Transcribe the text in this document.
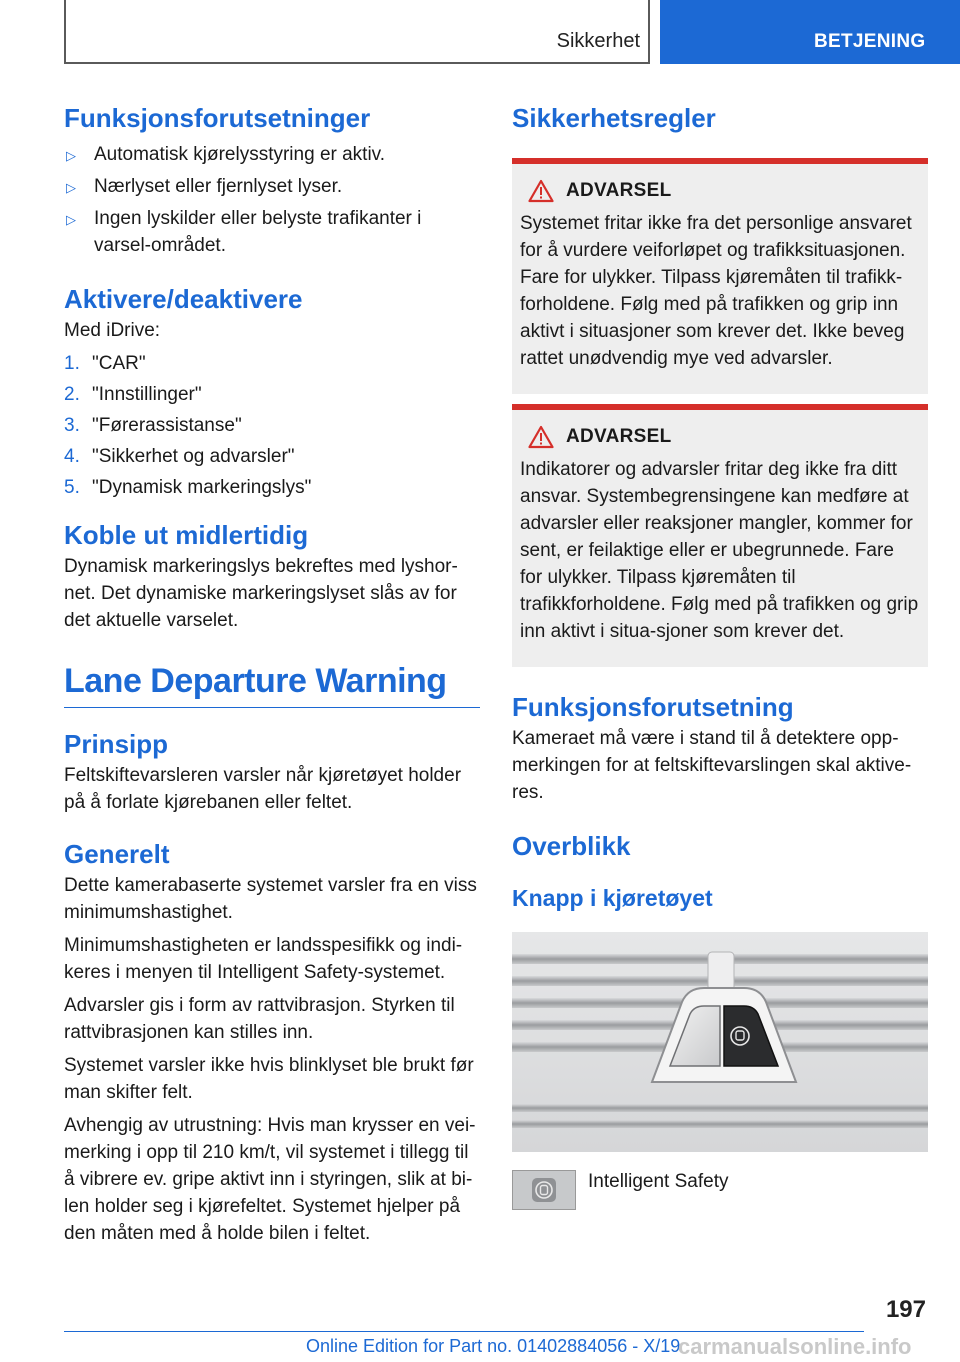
Sikkerhet	BETJENING
Funksjonsforutsetninger
▷ Automatisk kjørelysstyring er aktiv.
▷ Nærlyset eller fjernlyset lyser.
▷ Ingen lyskilder eller belyste trafikanter i varsel-området.
Aktivere/deaktivere

Med iDrive:

1. "CAR"
2. "Innstillinger"
3. "Førerassistanse"
4. "Sikkerhet og advarsler"
5. "Dynamisk markeringslys"
Koble ut midlertidig

Dynamisk markeringslys bekreftes med lyshor-net. Det dynamiske markeringslyset slås av for det aktuelle varselet.

Lane Departure Warning
Prinsipp

Feltskiftevarsleren varsler når kjøretøyet holder på å forlate kjørebanen eller feltet.

Generelt

Dette kamerabaserte systemet varsler fra en viss minimumshastighet.

Minimumshastigheten er landsspesifikk og indi-keres i menyen til Intelligent Safety-systemet.

Advarsler gis i form av rattvibrasjon. Styrken til rattvibrasjonen kan stilles inn.

Systemet varsler ikke hvis blinklyset ble brukt før man skifter felt.

Avhengig av utrustning: Hvis man krysser en vei-merking i opp til 210 km/t, vil systemet i tillegg til å vibrere ev. gripe aktivt inn i styringen, slik at bi-len holder seg i kjørefeltet. Systemet hjelper på den måten med å holde bilen i feltet.

Sikkerhetsregler
ADVARSEL

Systemet fritar ikke fra det personlige ansvaret for å vurdere veiforløpet og trafikksituasjonen. Fare for ulykker. Tilpass kjøremåten til trafikk-forholdene. Følg med på trafikken og grip inn aktivt i situasjoner som krever det. Ikke beveg rattet unødvendig mye ved advarsler.

ADVARSEL

Indikatorer og advarsler fritar deg ikke fra ditt ansvar. Systembegrensingene kan medføre at advarsler eller reaksjoner mangler, kommer for sent, er feilaktige eller er ubegrunnede. Fare for ulykker. Tilpass kjøremåten til trafikkforholdene. Følg med på trafikken og grip inn aktivt i situa-sjoner som krever det.

Funksjonsforutsetning

Kameraet må være i stand til å detektere opp-merkingen for at feltskiftevarslingen skal aktive-res.

Overblikk
Knapp i kjøretøyet
Intelligent Safety
197
Online Edition for Part no. 01402884056 - X/19
carmanualsonline.info
